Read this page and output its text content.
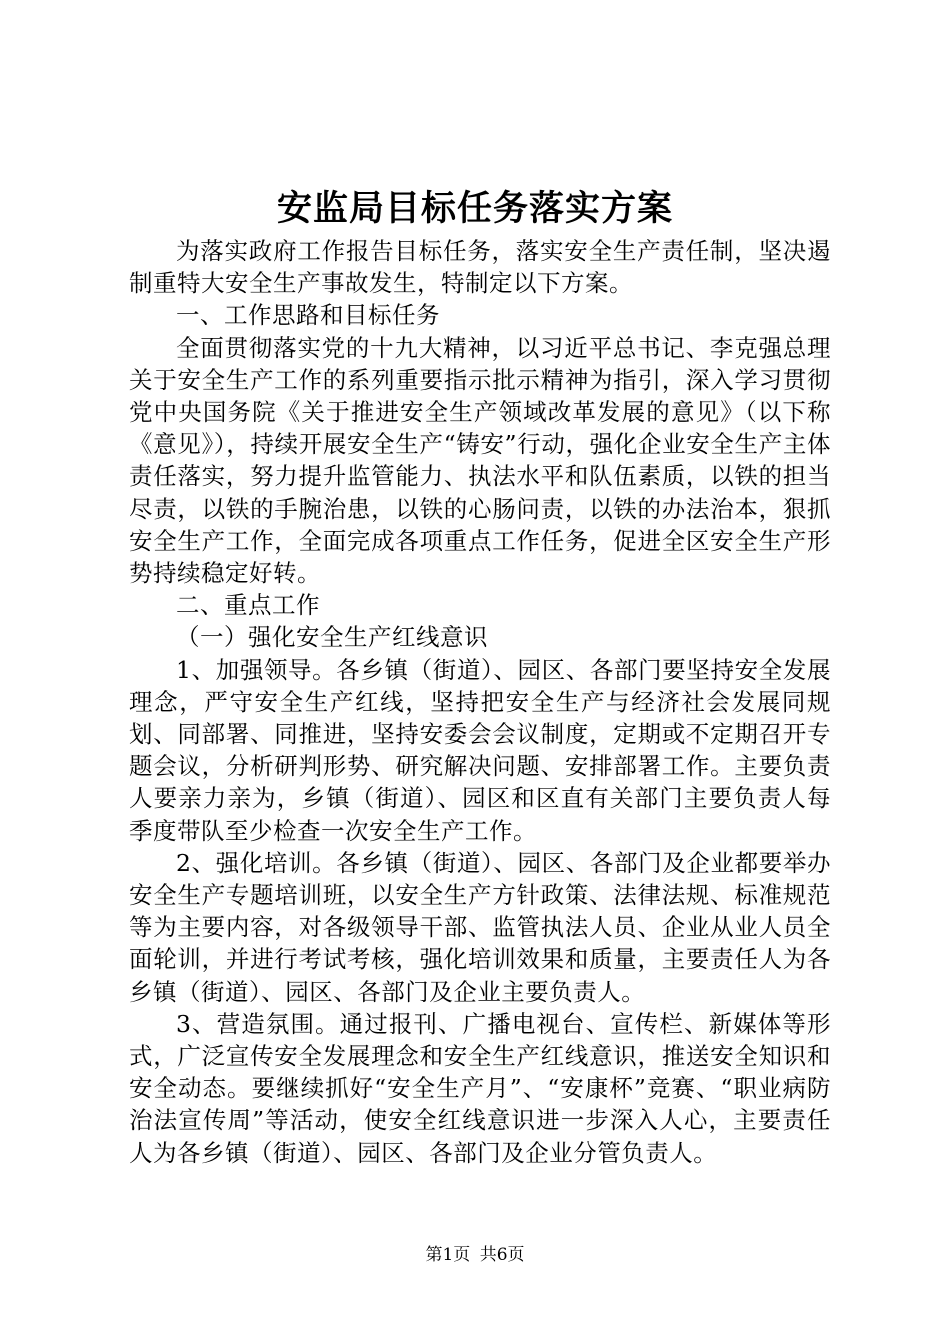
安监局目标任务落实方案

为落实政府工作报告目标任务，落实安全生产责任制，坚决遏制重特大安全生产事故发生，特制定以下方案。

一、工作思路和目标任务

全面贯彻落实党的十九大精神，以习近平总书记、李克强总理关于安全生产工作的系列重要指示批示精神为指引，深入学习贯彻党中央国务院《关于推进安全生产领域改革发展的意见》（以下称《意见》），持续开展安全生产“铸安”行动，强化企业安全生产主体责任落实，努力提升监管能力、执法水平和队伍素质，以铁的担当尽责，以铁的手腕治患，以铁的心肠问责，以铁的办法治本，狠抓安全生产工作，全面完成各项重点工作任务，促进全区安全生产形势持续稳定好转。

二、重点工作

（一）强化安全生产红线意识

1、加强领导。各乡镇（街道）、园区、各部门要坚持安全发展理念，严守安全生产红线，坚持把安全生产与经济社会发展同规划、同部署、同推进，坚持安委会会议制度，定期或不定期召开专题会议，分析研判形势、研究解决问题、安排部署工作。主要负责人要亲力亲为，乡镇（街道）、园区和区直有关部门主要负责人每季度带队至少检查一次安全生产工作。

2、强化培训。各乡镇（街道）、园区、各部门及企业都要举办安全生产专题培训班，以安全生产方针政策、法律法规、标准规范等为主要内容，对各级领导干部、监管执法人员、企业从业人员全面轮训，并进行考试考核，强化培训效果和质量，主要责任人为各乡镇（街道）、园区、各部门及企业主要负责人。

3、营造氛围。通过报刊、广播电视台、宣传栏、新媒体等形式，广泛宣传安全发展理念和安全生产红线意识，推送安全知识和安全动态。要继续抓好“安全生产月”、“安康杯”竞赛、“职业病防治法宣传周”等活动，使安全红线意识进一步深入人心，主要责任人为各乡镇（街道）、园区、各部门及企业分管负责人。

第1页 共6页
